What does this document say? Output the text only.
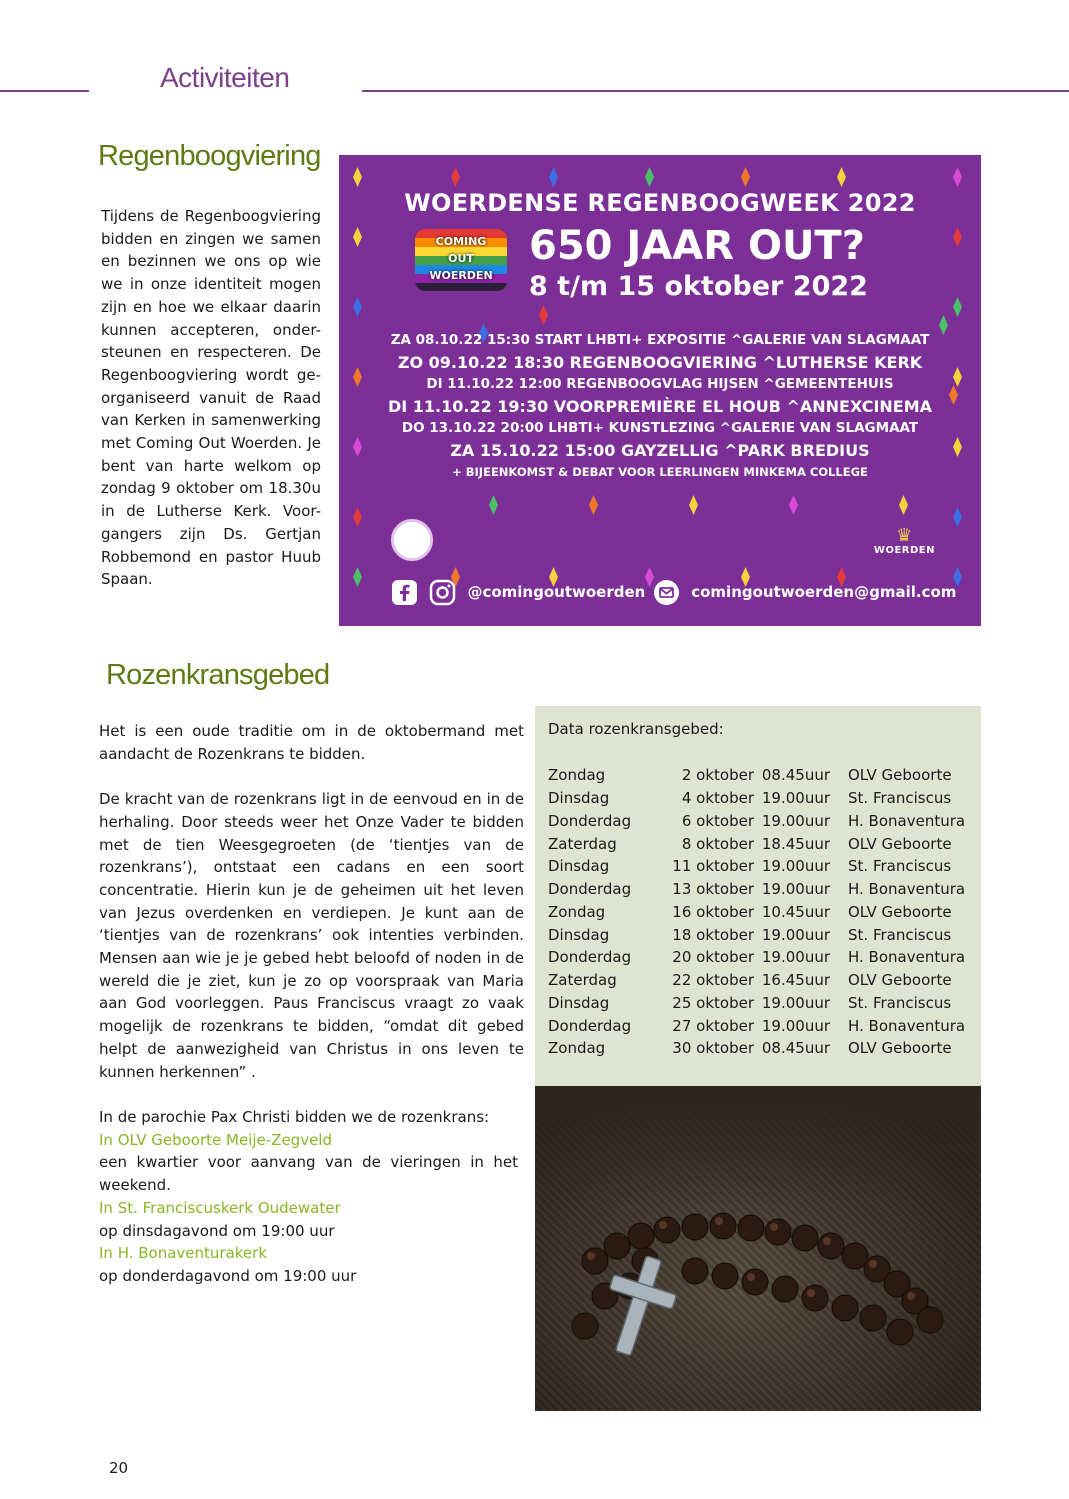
Activiteiten
Regenboogviering
Tijdens de Regenboogviering bidden en zingen we samen en bezinnen we ons op wie we in onze identiteit mogen zijn en hoe we elkaar daarin kunnen accepteren, onder-steunen en respecteren. De Regenboogviering wordt ge-organiseerd vanuit de Raad van Kerken in samenwerking met Coming Out Woerden. Je bent van harte welkom op zondag 9 oktober om 18.30u in de Lutherse Kerk. Voor-gangers zijn Ds. Gertjan Robbemond en pastor Huub Spaan.
WOERDENSE REGENBOOGWEEK 2022
COMING
OUT
WOERDEN
650 JAAR OUT?
8 t/m 15 oktober 2022
ZA 08.10.22 15:30 START LHBTI+ EXPOSITIE ^GALERIE VAN SLAGMAAT
ZO 09.10.22 18:30 REGENBOOGVIERING ^LUTHERSE KERK
DI 11.10.22 12:00 REGENBOOGVLAG HIJSEN ^GEMEENTEHUIS
DI 11.10.22 19:30 VOORPREMIÈRE EL HOUB ^ANNEXCINEMA
DO 13.10.22 20:00 LHBTI+ KUNSTLEZING ^GALERIE VAN SLAGMAAT
ZA 15.10.22 15:00 GAYZELLIG ^PARK BREDIUS
+ BIJEENKOMST & DEBAT VOOR LEERLINGEN MINKEMA COLLEGE
♛
WOERDEN
@comingoutwoerden	comingoutwoerden@gmail.com
Rozenkransgebed

Het is een oude traditie om in de oktobermand met aandacht de Rozenkrans te bidden.

De kracht van de rozenkrans ligt in de eenvoud en in de herhaling. Door steeds weer het Onze Vader te bidden met de tien Weesgegroeten (de ‘tientjes van de rozenkrans’), ontstaat een cadans en een soort concentratie. Hierin kun je de geheimen uit het leven van Jezus overdenken en verdiepen. Je kunt aan de ‘tientjes van de rozenkrans’ ook intenties verbinden. Mensen aan wie je je gebed hebt beloofd of noden in de wereld die je ziet, kun je zo op voorspraak van Maria aan God voorleggen. Paus Franciscus vraagt zo vaak mogelijk de rozenkrans te bidden, “omdat dit gebed helpt de aanwezigheid van Christus in ons leven te kunnen herkennen” .

In de parochie Pax Christi bidden we de rozenkrans:

In OLV Geboorte Meije-Zegveld

een kwartier voor aanvang van de vieringen in het weekend.

In St. Franciscuskerk Oudewater

op dinsdagavond om 19:00 uur

In H. Bonaventurakerk

op donderdagavond om 19:00 uur

Data rozenkransgebed:
Zondag	2 oktober	08.45uur	OLV Geboorte
Dinsdag	4 oktober	19.00uur	St. Franciscus
Donderdag	6 oktober	19.00uur	H. Bonaventura
Zaterdag	8 oktober	18.45uur	OLV Geboorte
Dinsdag	11 oktober	19.00uur	St. Franciscus
Donderdag	13 oktober	19.00uur	H. Bonaventura
Zondag	16 oktober	10.45uur	OLV Geboorte
Dinsdag	18 oktober	19.00uur	St. Franciscus
Donderdag	20 oktober	19.00uur	H. Bonaventura
Zaterdag	22 oktober	16.45uur	OLV Geboorte
Dinsdag	25 oktober	19.00uur	St. Franciscus
Donderdag	27 oktober	19.00uur	H. Bonaventura
Zondag	30 oktober	08.45uur	OLV Geboorte
20
